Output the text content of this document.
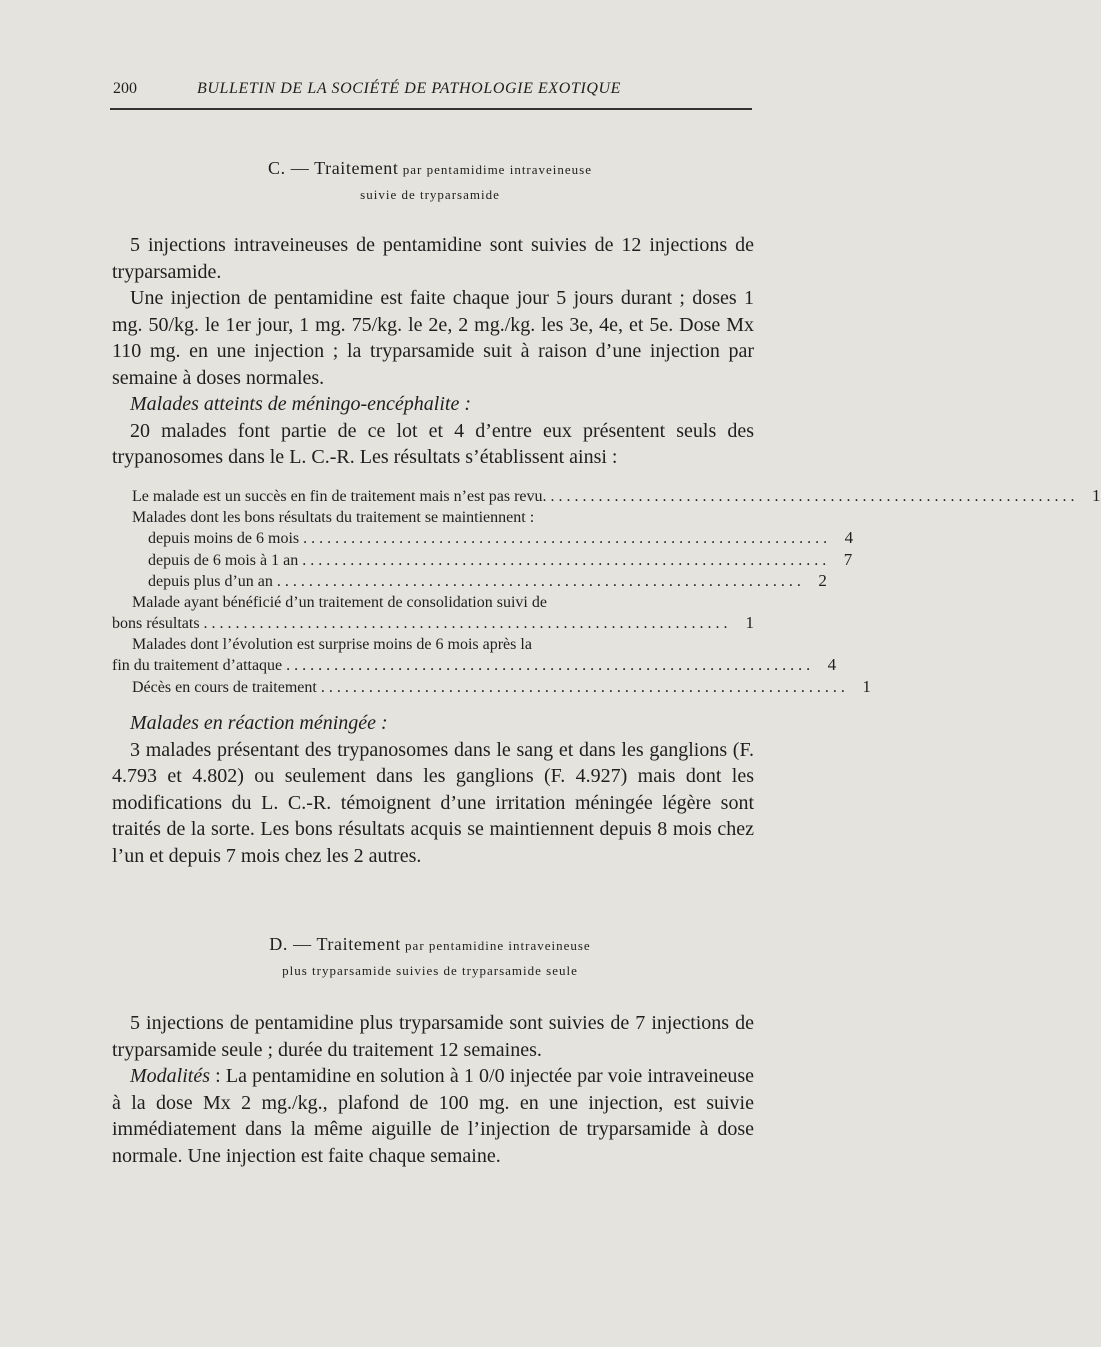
200	BULLETIN DE LA SOCIÉTÉ DE PATHOLOGIE EXOTIQUE
C. — Traitement par pentamidime intraveineuse
suivie de tryparsamide

5 injections intraveineuses de pentamidine sont suivies de 12 injections de tryparsamide.

Une injection de pentamidine est faite chaque jour 5 jours durant ; doses 1 mg. 50/kg. le 1er jour, 1 mg. 75/kg. le 2e, 2 mg./kg. les 3e, 4e, et 5e. Dose Mx 110 mg. en une injection ; la tryparsamide suit à raison d’une injection par semaine à doses normales.

Malades atteints de méningo-encéphalite :

20 malades font partie de ce lot et 4 d’entre eux présentent seuls des trypanosomes dans le L. C.-R. Les résultats s’établissent ainsi :

Le malade est un succès en fin de traitement mais n’est pas revu. . . .	1
Malades dont les bons résultats du traitement se maintiennent :
depuis moins de 6 mois . . .	4
depuis de 6 mois à 1 an . . .	7
depuis plus d’un an . . .	2
Malade ayant bénéficié d’un traitement de consolidation suivi de
bons résultats . . .	1
Malades dont l’évolution est surprise moins de 6 mois après la
fin du traitement d’attaque . . .	4
Décès en cours de traitement . . .	1

Malades en réaction méningée :

3 malades présentant des trypanosomes dans le sang et dans les ganglions (F. 4.793 et 4.802) ou seulement dans les ganglions (F. 4.927) mais dont les modifications du L. C.-R. témoignent d’une irritation méningée légère sont traités de la sorte. Les bons résultats acquis se maintiennent depuis 8 mois chez l’un et depuis 7 mois chez les 2 autres.

D. — Traitement par pentamidine intraveineuse
plus tryparsamide suivies de tryparsamide seule

5 injections de pentamidine plus tryparsamide sont suivies de 7 injections de tryparsamide seule ; durée du traitement 12 semaines.

Modalités : La pentamidine en solution à 1 0/0 injectée par voie intraveineuse à la dose Mx 2 mg./kg., plafond de 100 mg. en une injection, est suivie immédiatement dans la même aiguille de l’injection de tryparsamide à dose normale. Une injection est faite chaque semaine.
